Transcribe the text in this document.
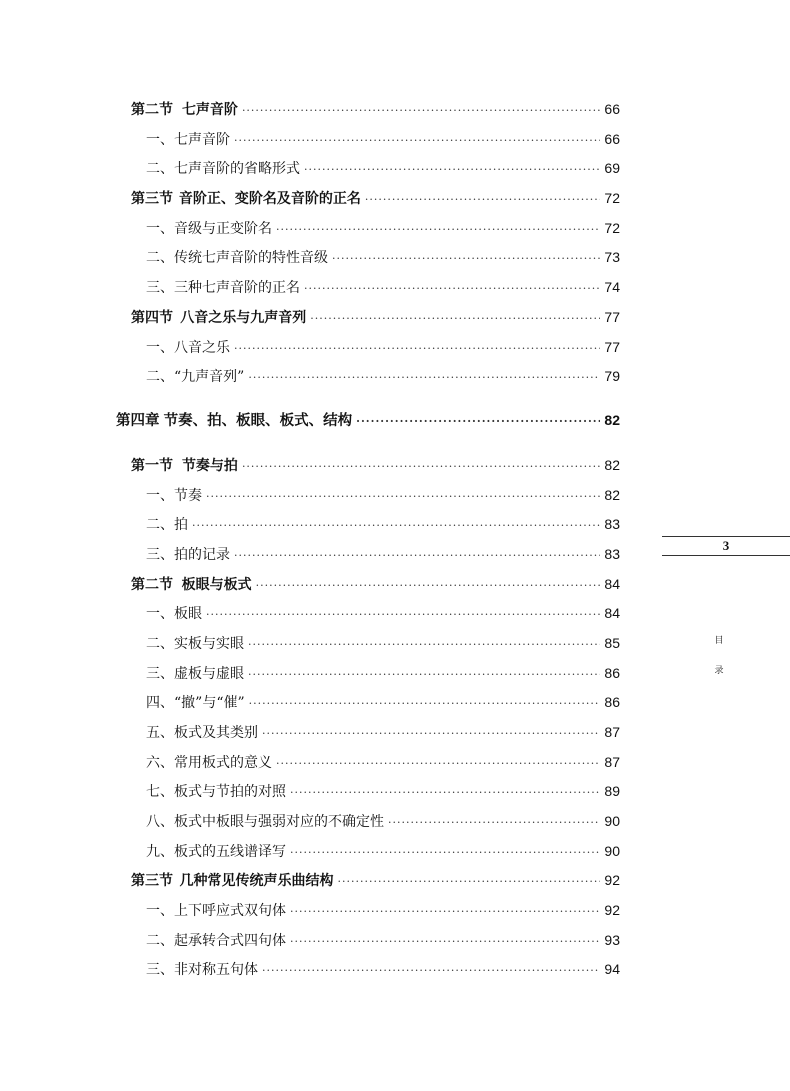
第二节 七声音阶 ·····	66
一、七声音阶 ·····	66
二、七声音阶的省略形式 ·····	69
第三节 音阶正、变阶名及音阶的正名 ·····	72
一、音级与正变阶名 ·····	72
二、传统七声音阶的特性音级 ·····	73
三、三种七声音阶的正名 ·····	74
第四节 八音之乐与九声音列 ·····	77
一、八音之乐 ·····	77
二、“九声音列” ·····	79
第四章 节奏、拍、板眼、板式、结构 ·····	82
第一节 节奏与拍 ·····	82
一、节奏 ·····	82
二、拍 ·····	83
三、拍的记录 ·····	83
第二节 板眼与板式 ·····	84
一、板眼 ·····	84
二、实板与实眼 ·····	85
三、虚板与虚眼 ·····	86
四、“撤”与“催” ·····	86
五、板式及其类别 ·····	87
六、常用板式的意义 ·····	87
七、板式与节拍的对照 ·····	89
八、板式中板眼与强弱对应的不确定性 ·····	90
九、板式的五线谱译写 ·····	90
第三节 几种常见传统声乐曲结构 ·····	92
一、上下呼应式双句体 ·····	92
二、起承转合式四句体 ·····	93
三、非对称五句体 ·····	94
3
目
录
